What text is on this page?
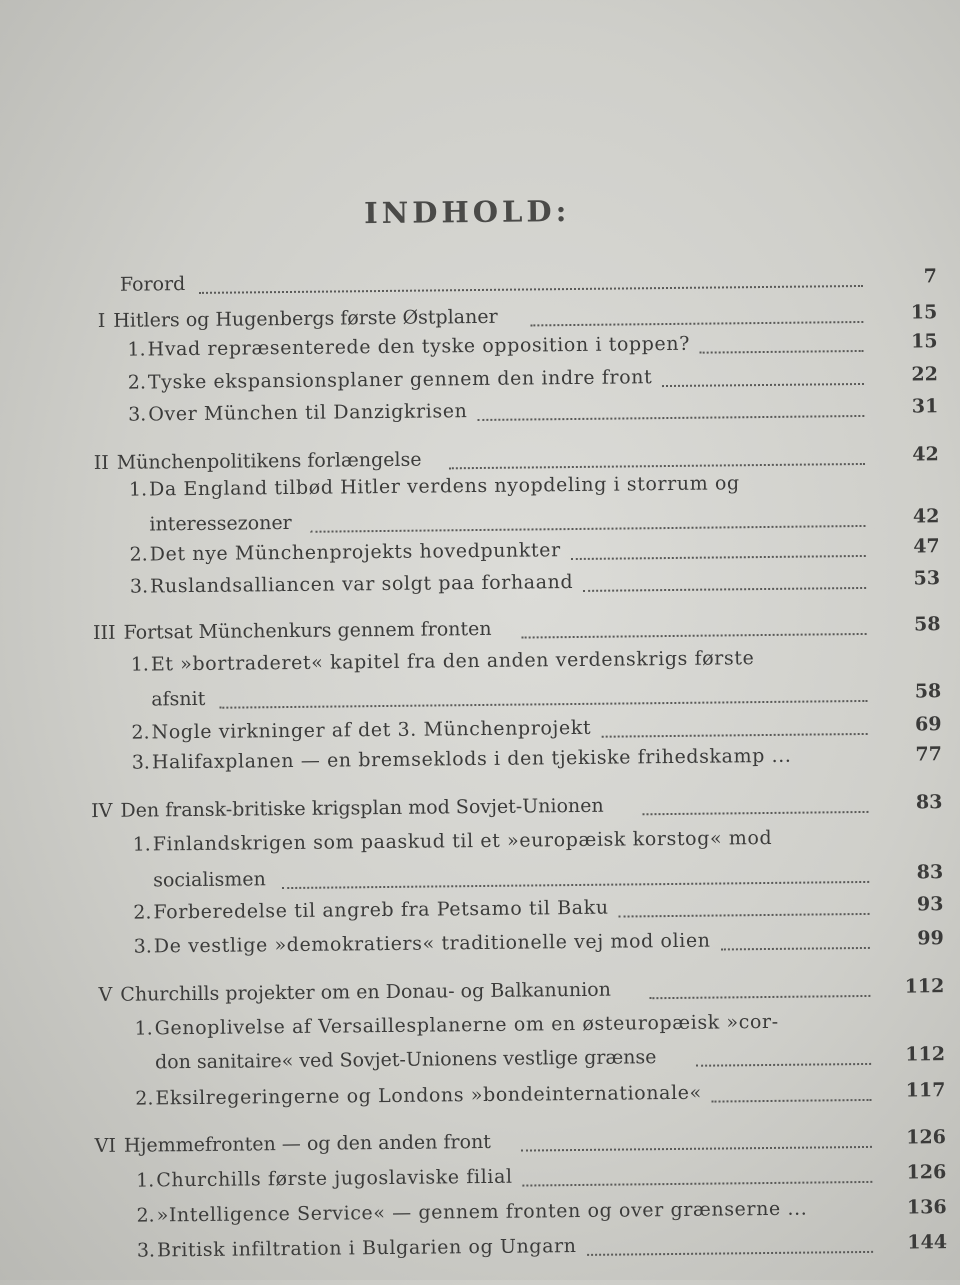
INDHOLD:
Forord	7
I Hitlers og Hugenbergs første Østplaner	15
1. Hvad repræsenterede den tyske opposition i toppen?	15
2. Tyske ekspansionsplaner gennem den indre front	22
3. Over München til Danzigkrisen	31
II Münchenpolitikens forlængelse	42
1. Da England tilbød Hitler verdens nyopdeling i storrum og
interessezoner	42
2. Det nye Münchenprojekts hovedpunkter	47
3. Ruslandsalliancen var solgt paa forhaand	53
III Fortsat Münchenkurs gennem fronten	58
1. Et »bortraderet« kapitel fra den anden verdenskrigs første
afsnit	58
2. Nogle virkninger af det 3. Münchenprojekt	69
3. Halifaxplanen — en bremseklods i den tjekiske frihedskamp ...	77
IV Den fransk-britiske krigsplan mod Sovjet-Unionen	83
1. Finlandskrigen som paaskud til et »europæisk korstog« mod
socialismen	83
2. Forberedelse til angreb fra Petsamo til Baku	93
3. De vestlige »demokratiers« traditionelle vej mod olien	99
V Churchills projekter om en Donau- og Balkanunion	112
1. Genoplivelse af Versaillesplanerne om en østeuropæisk »cor-
don sanitaire« ved Sovjet-Unionens vestlige grænse	112
2. Eksilregeringerne og Londons »bondeinternationale«	117
VI Hjemmefronten — og den anden front	126
1. Churchills første jugoslaviske filial	126
2. »Intelligence Service« — gennem fronten og over grænserne ...	136
3. Britisk infiltration i Bulgarien og Ungarn	144
